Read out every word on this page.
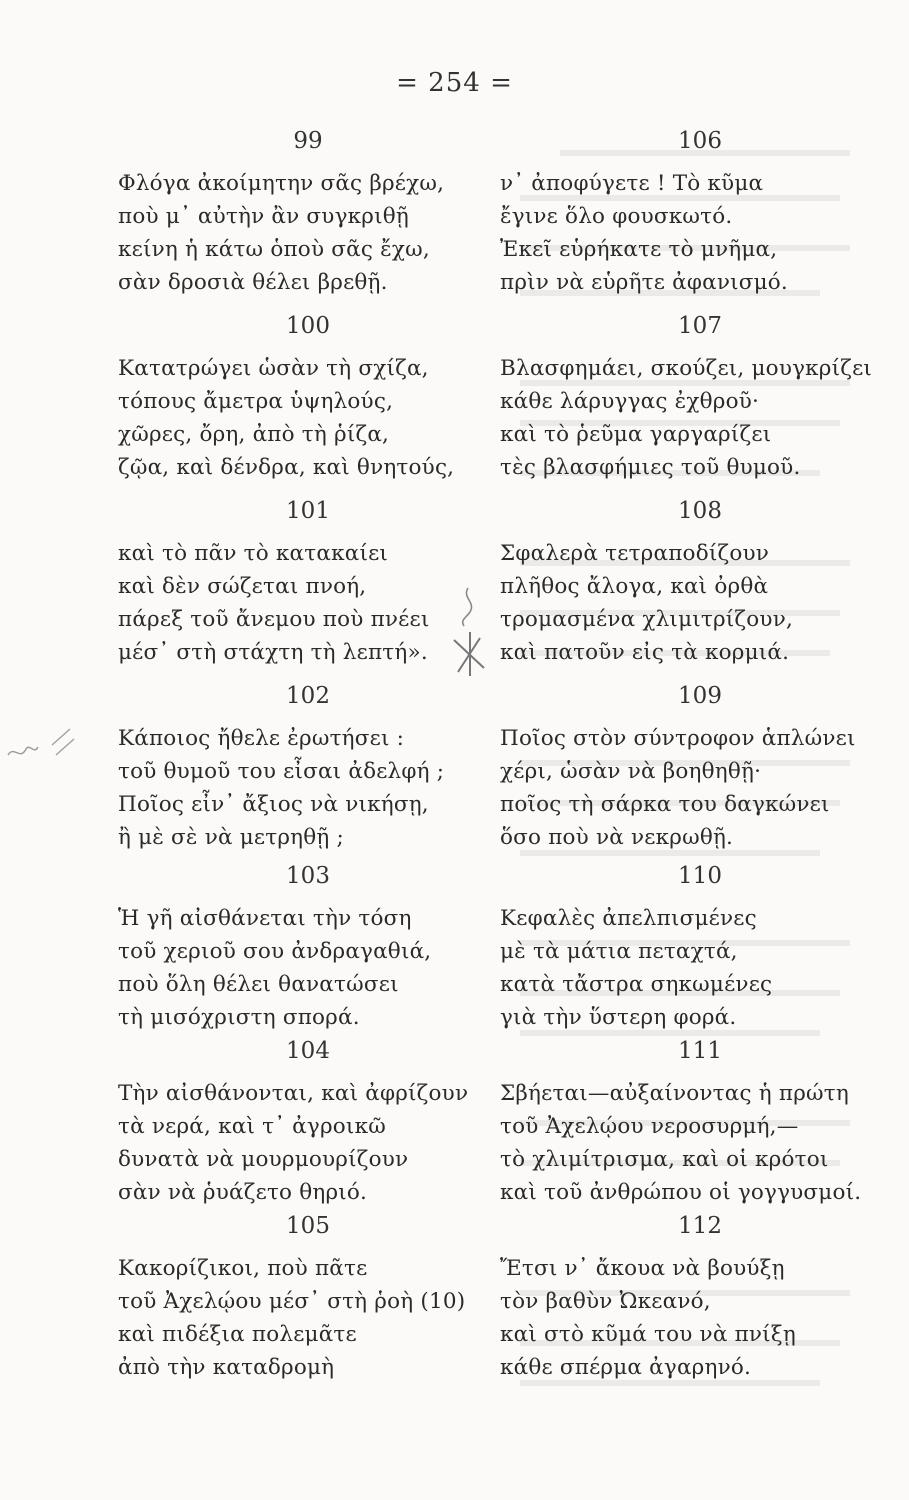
= 254 =
99
Φλόγα ἀκοίμητην σᾶς βρέχω,
ποὺ μ᾽ αὐτὴν ἂν συγκριθῇ
κείνη ἡ κάτω ὁποὺ σᾶς ἔχω,
σὰν δροσιὰ θέλει βρεθῇ.
100
Κατατρώγει ὡσὰν τὴ σχίζα,
τόπους ἄμετρα ὑψηλούς,
χῶρες, ὄρη, ἀπὸ τὴ ῥίζα,
ζῷα, καὶ δένδρα, καὶ θνητούς,
101
καὶ τὸ πᾶν τὸ κατακαίει
καὶ δὲν σώζεται πνοή,
πάρεξ τοῦ ἄνεμου ποὺ πνέει
μέσ᾽ στὴ στάχτη τὴ λεπτή».
102
Κάποιος ἤθελε ἐρωτήσει :
τοῦ θυμοῦ του εἶσαι ἀδελφή ;
Ποῖος εἶν᾽ ἄξιος νὰ νικήσῃ,
ἢ μὲ σὲ νὰ μετρηθῇ ;
103
Ἡ γῆ αἰσθάνεται τὴν τόση
τοῦ χεριοῦ σου ἀνδραγαθιά,
ποὺ ὅλη θέλει θανατώσει
τὴ μισόχριστη σπορά.
104
Τὴν αἰσθάνονται, καὶ ἀφρίζουν
τὰ νερά, καὶ τ᾽ ἀγροικῶ
δυνατὰ νὰ μουρμουρίζουν
σὰν νὰ ῥυάζετο θηριό.
105
Κακορίζικοι, ποὺ πᾶτε
τοῦ Ἀχελῴου μέσ᾽ στὴ ῥοὴ (10)
καὶ πιδέξια πολεμᾶτε
ἀπὸ τὴν καταδρομὴ
106
ν᾽ ἀποφύγετε ! Τὸ κῦμα
ἔγινε ὅλο φουσκωτό.
Ἐκεῖ εὑρήκατε τὸ μνῆμα,
πρὶν νὰ εὑρῆτε ἀφανισμό.
107
Βλασφημάει, σκούζει, μουγκρίζει
κάθε λάρυγγας ἐχθροῦ·
καὶ τὸ ῥεῦμα γαργαρίζει
τὲς βλασφήμιες τοῦ θυμοῦ.
108
Σφαλερὰ τετραποδίζουν
πλῆθος ἄλογα, καὶ ὀρθὰ
τρομασμένα χλιμιτρίζουν,
καὶ πατοῦν εἰς τὰ κορμιά.
109
Ποῖος στὸν σύντροφον ἁπλώνει
χέρι, ὡσὰν νὰ βοηθηθῇ·
ποῖος τὴ σάρκα του δαγκώνει
ὅσο ποὺ νὰ νεκρωθῇ.
110
Κεφαλὲς ἀπελπισμένες
μὲ τὰ μάτια πεταχτά,
κατὰ τἄστρα σηκωμένες
γιὰ τὴν ὕστερη φορά.
111
Σβήεται—αὐξαίνοντας ἡ πρώτη
τοῦ Ἀχελῴου νεροσυρμή,—
τὸ χλιμίτρισμα, καὶ οἱ κρότοι
καὶ τοῦ ἀνθρώπου οἱ γογγυσμοί.
112
Ἔτσι ν᾽ ἄκουα νὰ βουύξῃ
τὸν βαθὺν Ὠκεανό,
καὶ στὸ κῦμά του νὰ πνίξῃ
κάθε σπέρμα ἀγαρηνό.
